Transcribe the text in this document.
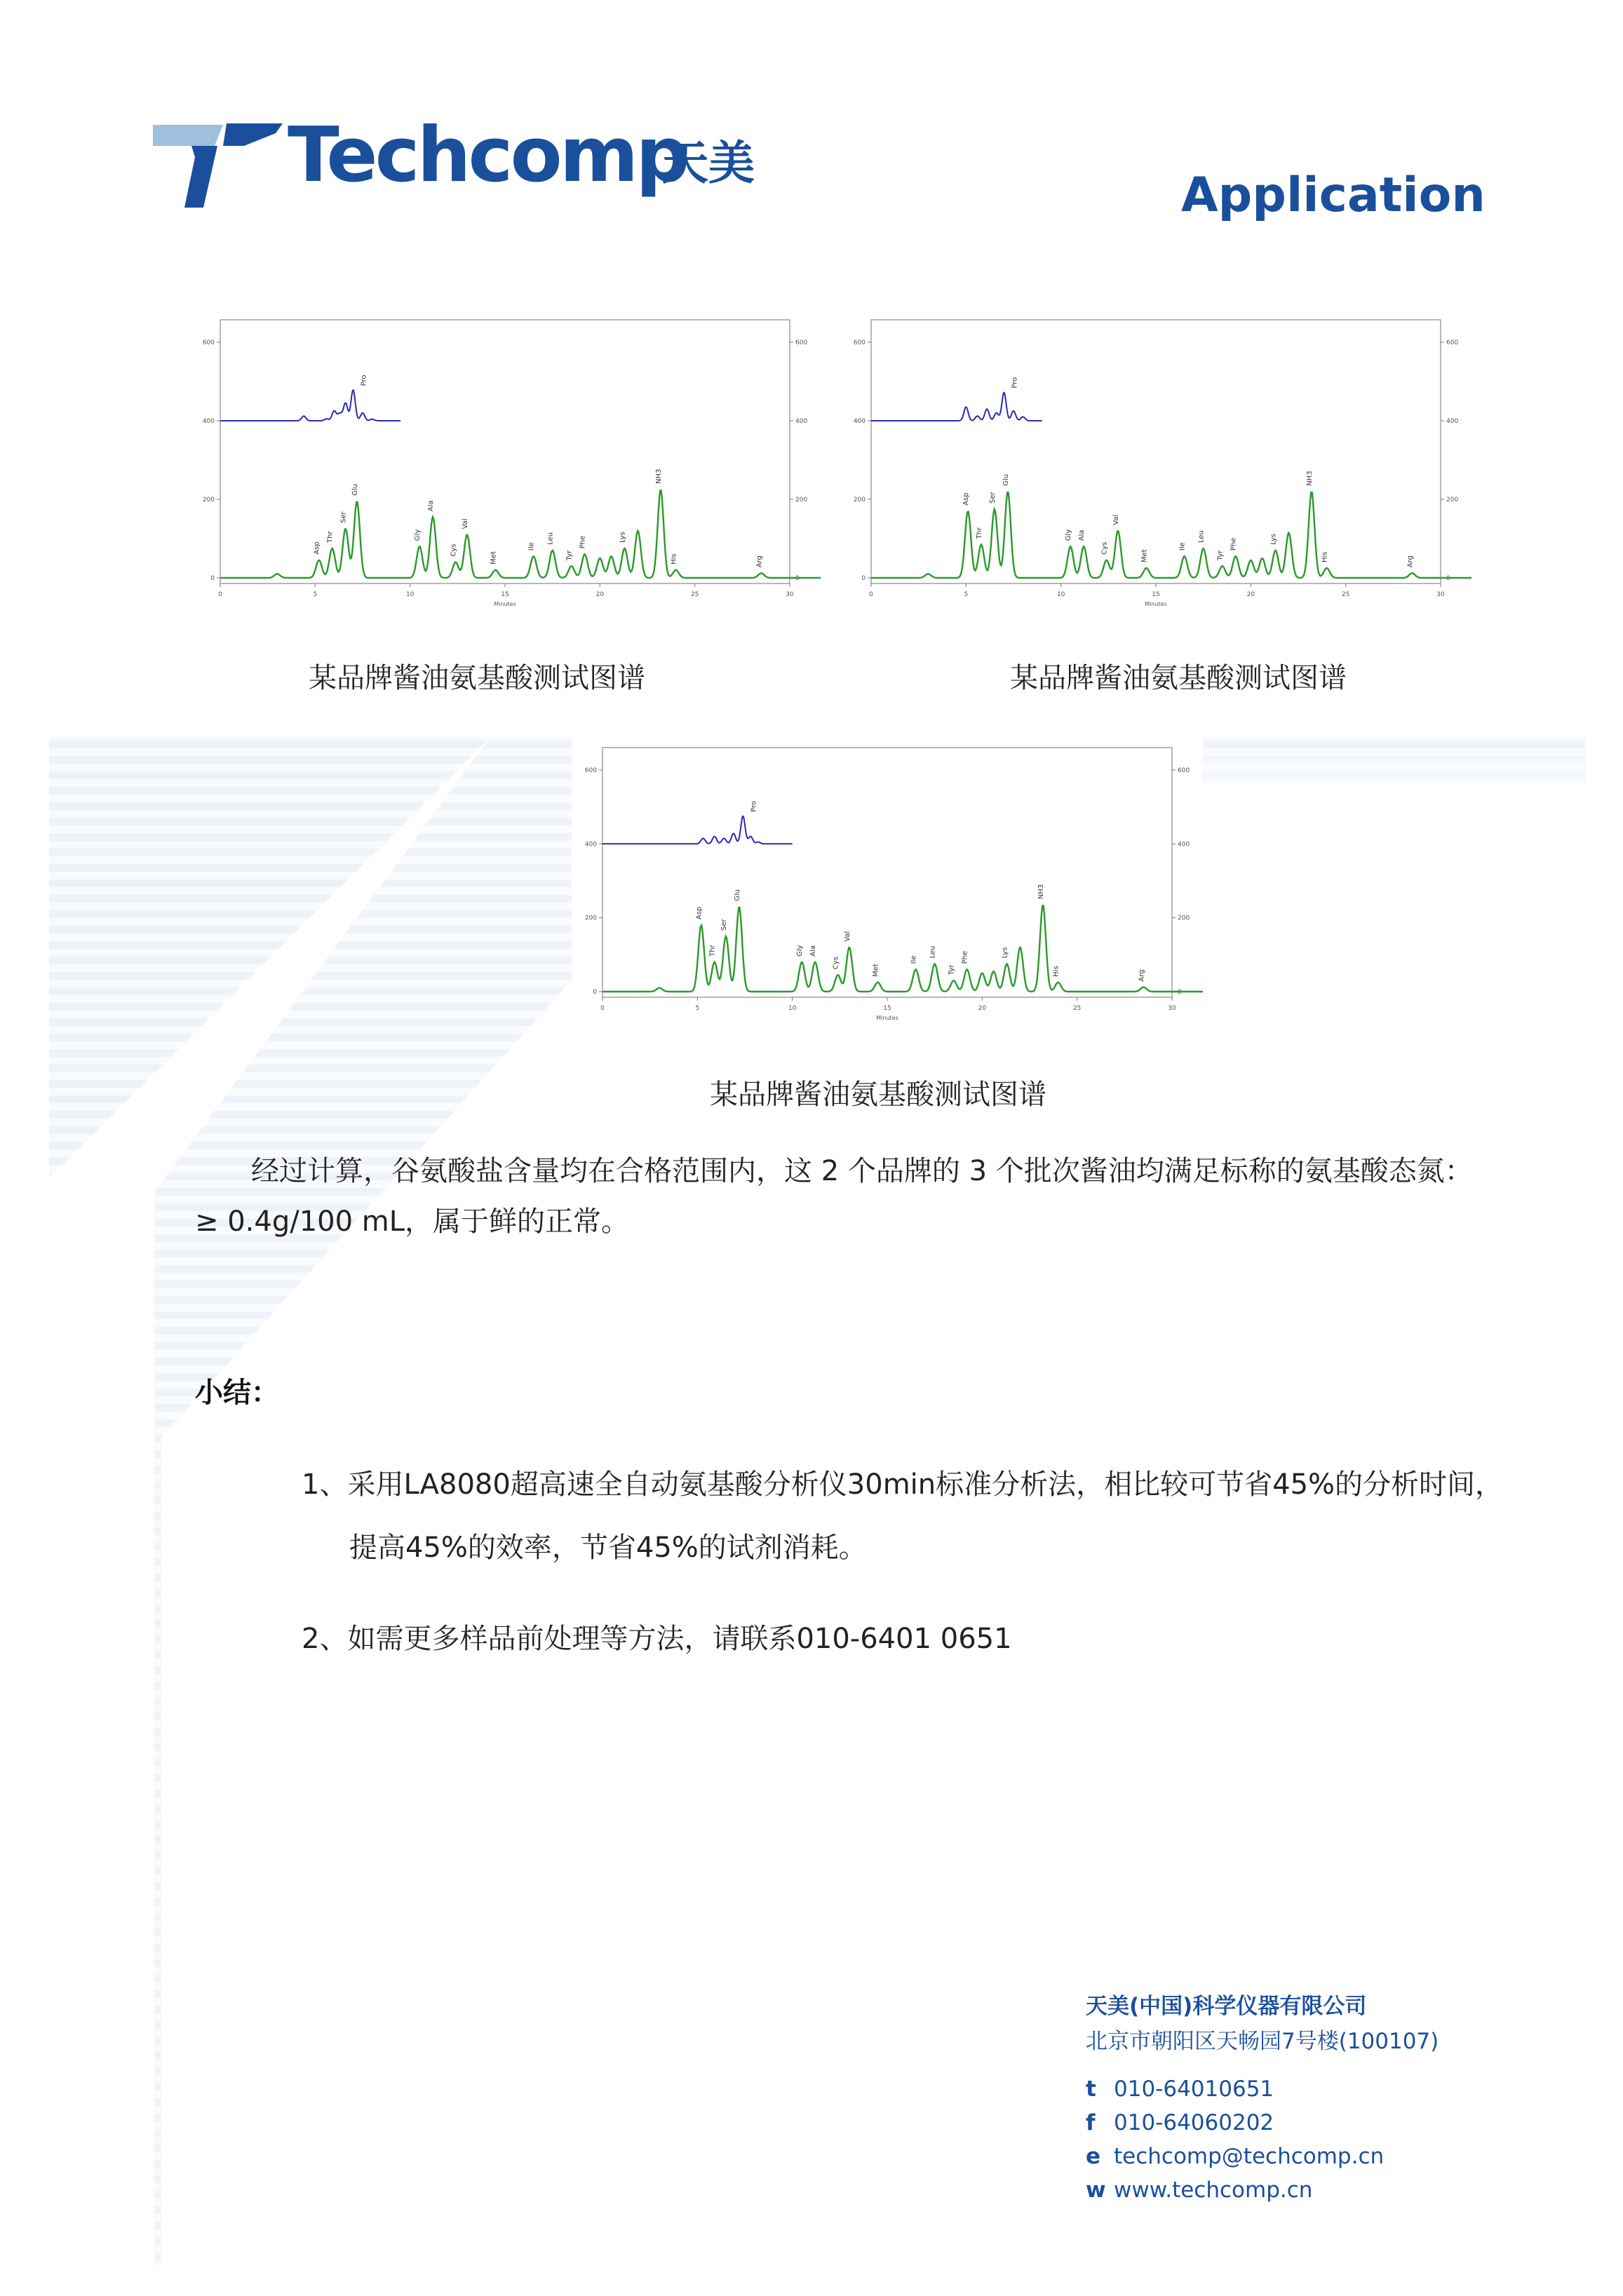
Techcomp
天美
Application
600	600
400	400
200	200
0	0
0	5	10	15	20	25	30
Minutes
Pro
Asp
Thr
Ser
Glu
Gly
Ala
Cys
Val
Met
Ile
Leu
Tyr
Phe	Lys
NH3
His	Arg
某品牌酱油氨基酸测试图谱
600	600
400	400
200	200
0	0
0	5	10	15	20	25	30
Minutes
Pro
Asp
Thr
Ser
Glu
Gly Ala
Cys
Val
Met
Ile
Leu
Tyr
Phe	Lys
NH3
His	Arg
某品牌酱油氨基酸测试图谱
600	600
400	400
200	200
0	0
0	5	10	15	20	25	30
Minutes
Pro
Asp
Thr
Ser
Glu
Gly Ala
Cys
Val
Met
Ile
Leu
Tyr
Phe	Lys
NH3
His	Arg
某品牌酱油氨基酸测试图谱
经过计算，谷氨酸盐含量均在合格范围内，这 2 个品牌的 3 个批次酱油均满足标称的氨基酸态氮：
≥ 0.4g/100 mL，属于鲜的正常。
小结：
1、采用LA8080超高速全自动氨基酸分析仪30min标准分析法，相比较可节省45%的分析时间，
提高45%的效率，节省45%的试剂消耗。
2、如需更多样品前处理等方法，请联系010-6401 0651
天美(中国)科学仪器有限公司
北京市朝阳区天畅园7号楼(100107)
t 010-64010651
f 010-64060202
e techcomp@techcomp.cn
w www.techcomp.cn
